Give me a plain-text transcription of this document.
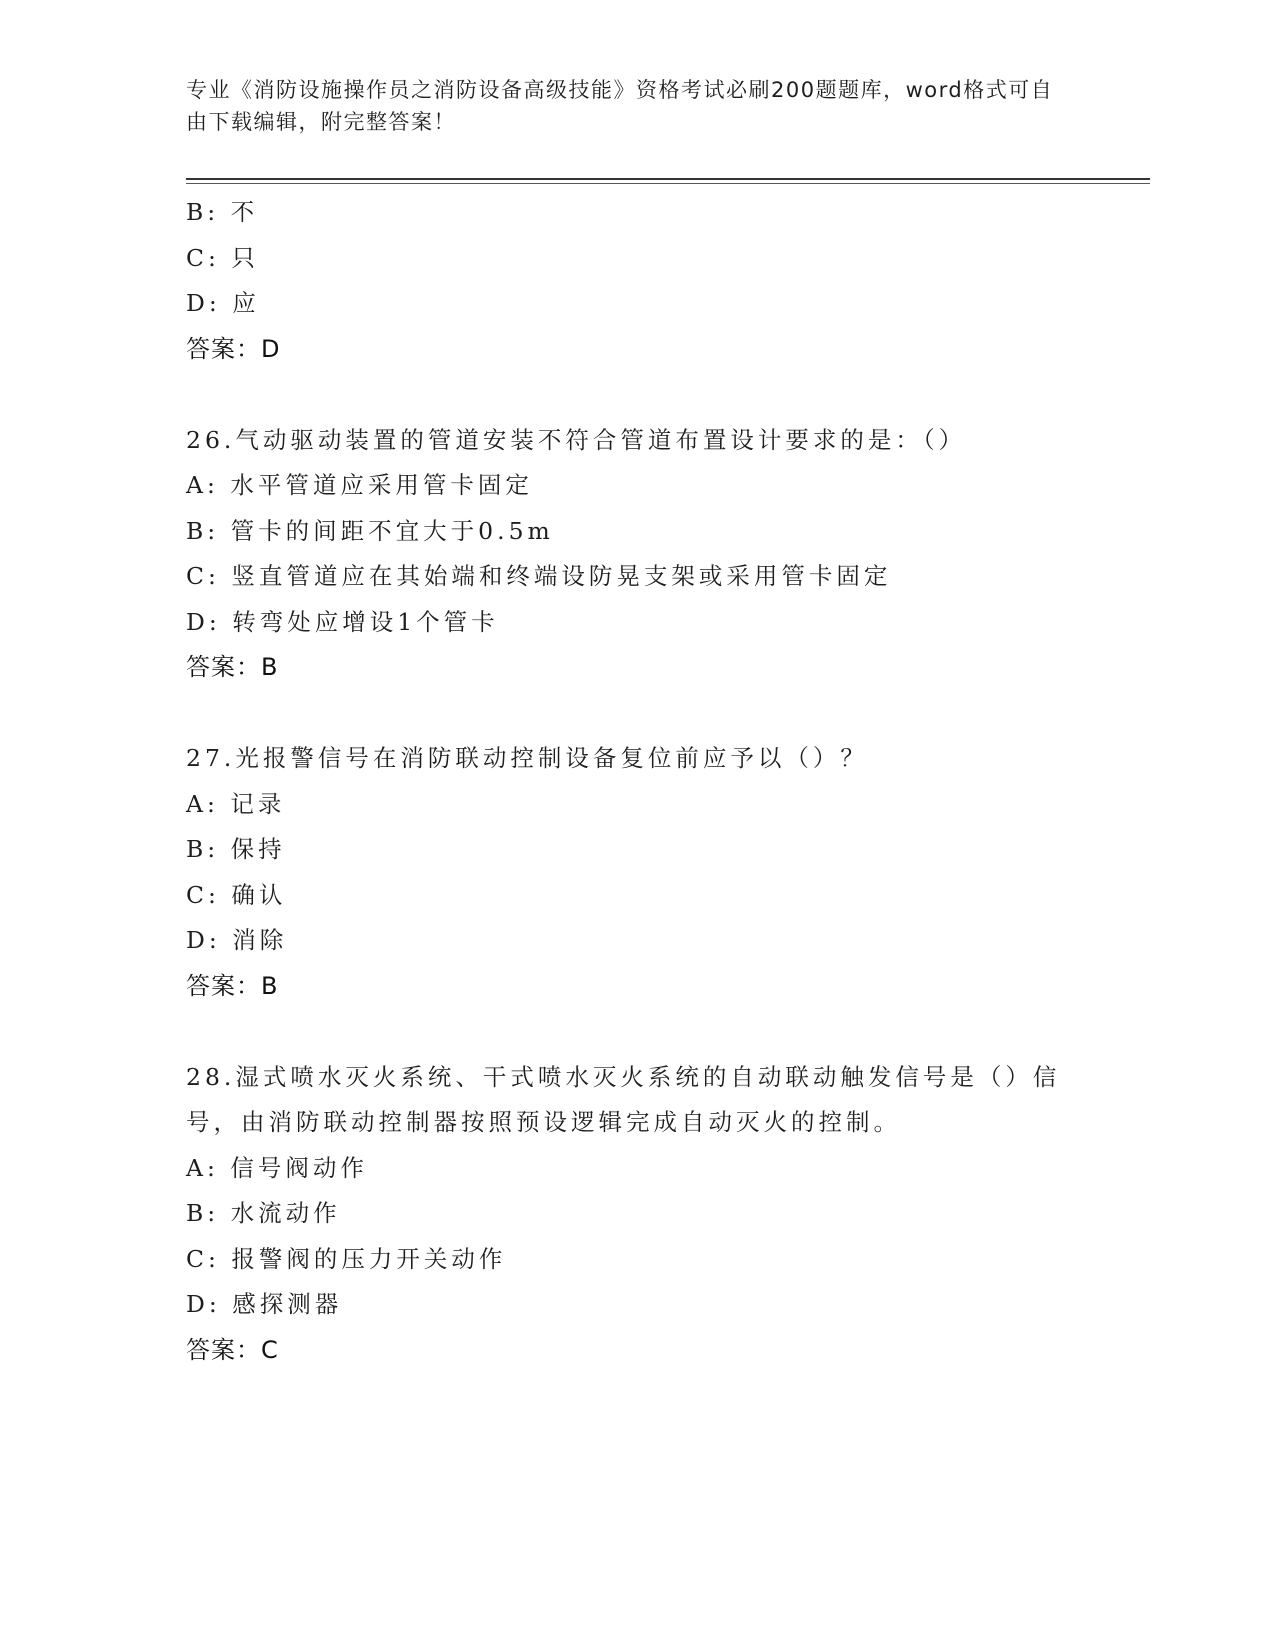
专业《消防设施操作员之消防设备高级技能》资格考试必刷200题题库，word格式可自由下载编辑，附完整答案！
B: 不
C: 只
D: 应
答案：D
26.气动驱动装置的管道安装不符合管道布置设计要求的是：（）
A: 水平管道应采用管卡固定
B: 管卡的间距不宜大于0.5m
C: 竖直管道应在其始端和终端设防晃支架或采用管卡固定
D: 转弯处应增设1个管卡
答案：B
27.光报警信号在消防联动控制设备复位前应予以（）？
A: 记录
B: 保持
C: 确认
D: 消除
答案：B
28.湿式喷水灭火系统、干式喷水灭火系统的自动联动触发信号是（）信号，由消防联动控制器按照预设逻辑完成自动灭火的控制。
A: 信号阀动作
B: 水流动作
C: 报警阀的压力开关动作
D: 感探测器
答案：C
